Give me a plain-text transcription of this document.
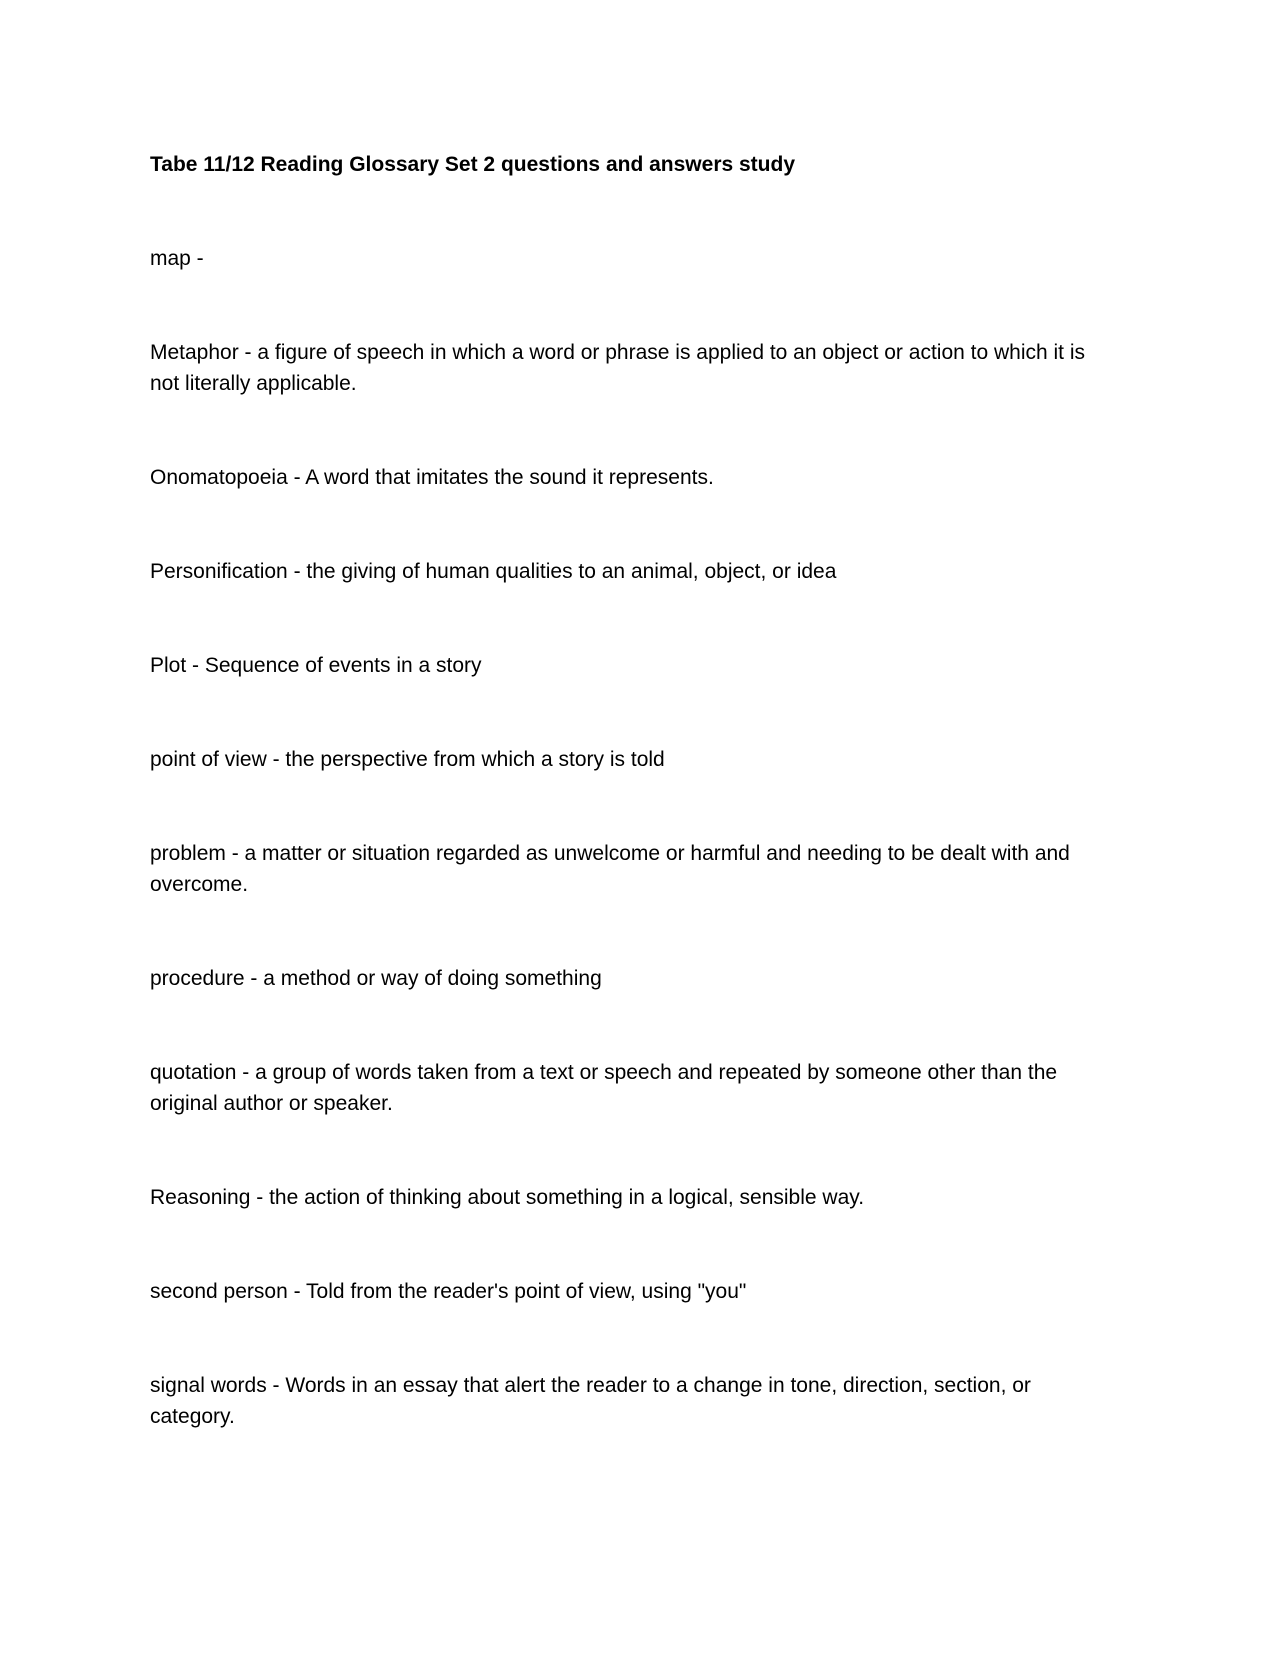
Tabe 11/12 Reading Glossary Set 2 questions and answers study

map -

Metaphor - a figure of speech in which a word or phrase is applied to an object or action to which it is not literally applicable.

Onomatopoeia - A word that imitates the sound it represents.

Personification - the giving of human qualities to an animal, object, or idea

Plot - Sequence of events in a story

point of view - the perspective from which a story is told

problem - a matter or situation regarded as unwelcome or harmful and needing to be dealt with and overcome.

procedure - a method or way of doing something

quotation - a group of words taken from a text or speech and repeated by someone other than the original author or speaker.

Reasoning - the action of thinking about something in a logical, sensible way.

second person - Told from the reader's point of view, using "you"

signal words - Words in an essay that alert the reader to a change in tone, direction, section, or category.
